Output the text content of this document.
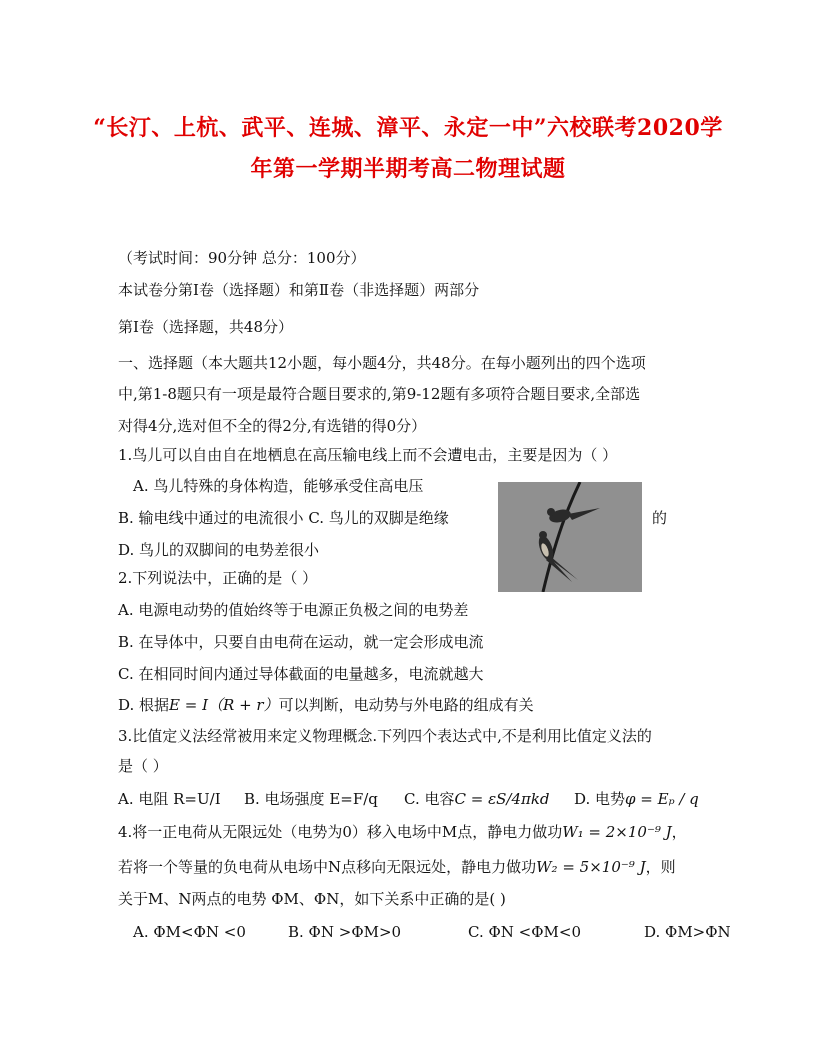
“长汀、上杭、武平、连城、漳平、永定一中”六校联考2020学
年第一学期半期考高二物理试题
（考试时间：90分钟 总分：100分）
本试卷分第Ⅰ卷（选择题）和第Ⅱ卷（非选择题）两部分
第Ⅰ卷（选择题，共48分）
一、选择题（本大题共12小题，每小题4分，共48分。在每小题列出的四个选项
中,第1-8题只有一项是最符合题目要求的,第9-12题有多项符合题目要求,全部选
对得4分,选对但不全的得2分,有选错的得0分）
1.鸟儿可以自由自在地栖息在高压输电线上而不会遭电击，主要是因为（ ）
A. 鸟儿特殊的身体构造，能够承受住高电压
B. 输电线中通过的电流很小 C. 鸟儿的双脚是绝缘	的
D. 鸟儿的双脚间的电势差很小
2.下列说法中，正确的是（ ）
A. 电源电动势的值始终等于电源正负极之间的电势差
B. 在导体中，只要自由电荷在运动，就一定会形成电流
C. 在相同时间内通过导体截面的电量越多，电流就越大
D. 根据E = I（R + r）可以判断，电动势与外电路的组成有关
3.比值定义法经常被用来定义物理概念.下列四个表达式中,不是利用比值定义法的
是（ ）
A. 电阻 R=U/I B. 电场强度 E=F/q C. 电容C = εS/4πkd D. 电势φ = Eₚ / q
4.将一正电荷从无限远处（电势为0）移入电场中M点，静电力做功W₁ = 2×10⁻⁹ J，
若将一个等量的负电荷从电场中N点移向无限远处，静电力做功W₂ = 5×10⁻⁹ J，则
关于M、N两点的电势 ΦM、ΦN，如下关系中正确的是( )
A. ΦM<ΦN <0	B. ΦN >ΦM>0	C. ΦN <ΦM<0	D. ΦM>ΦN
